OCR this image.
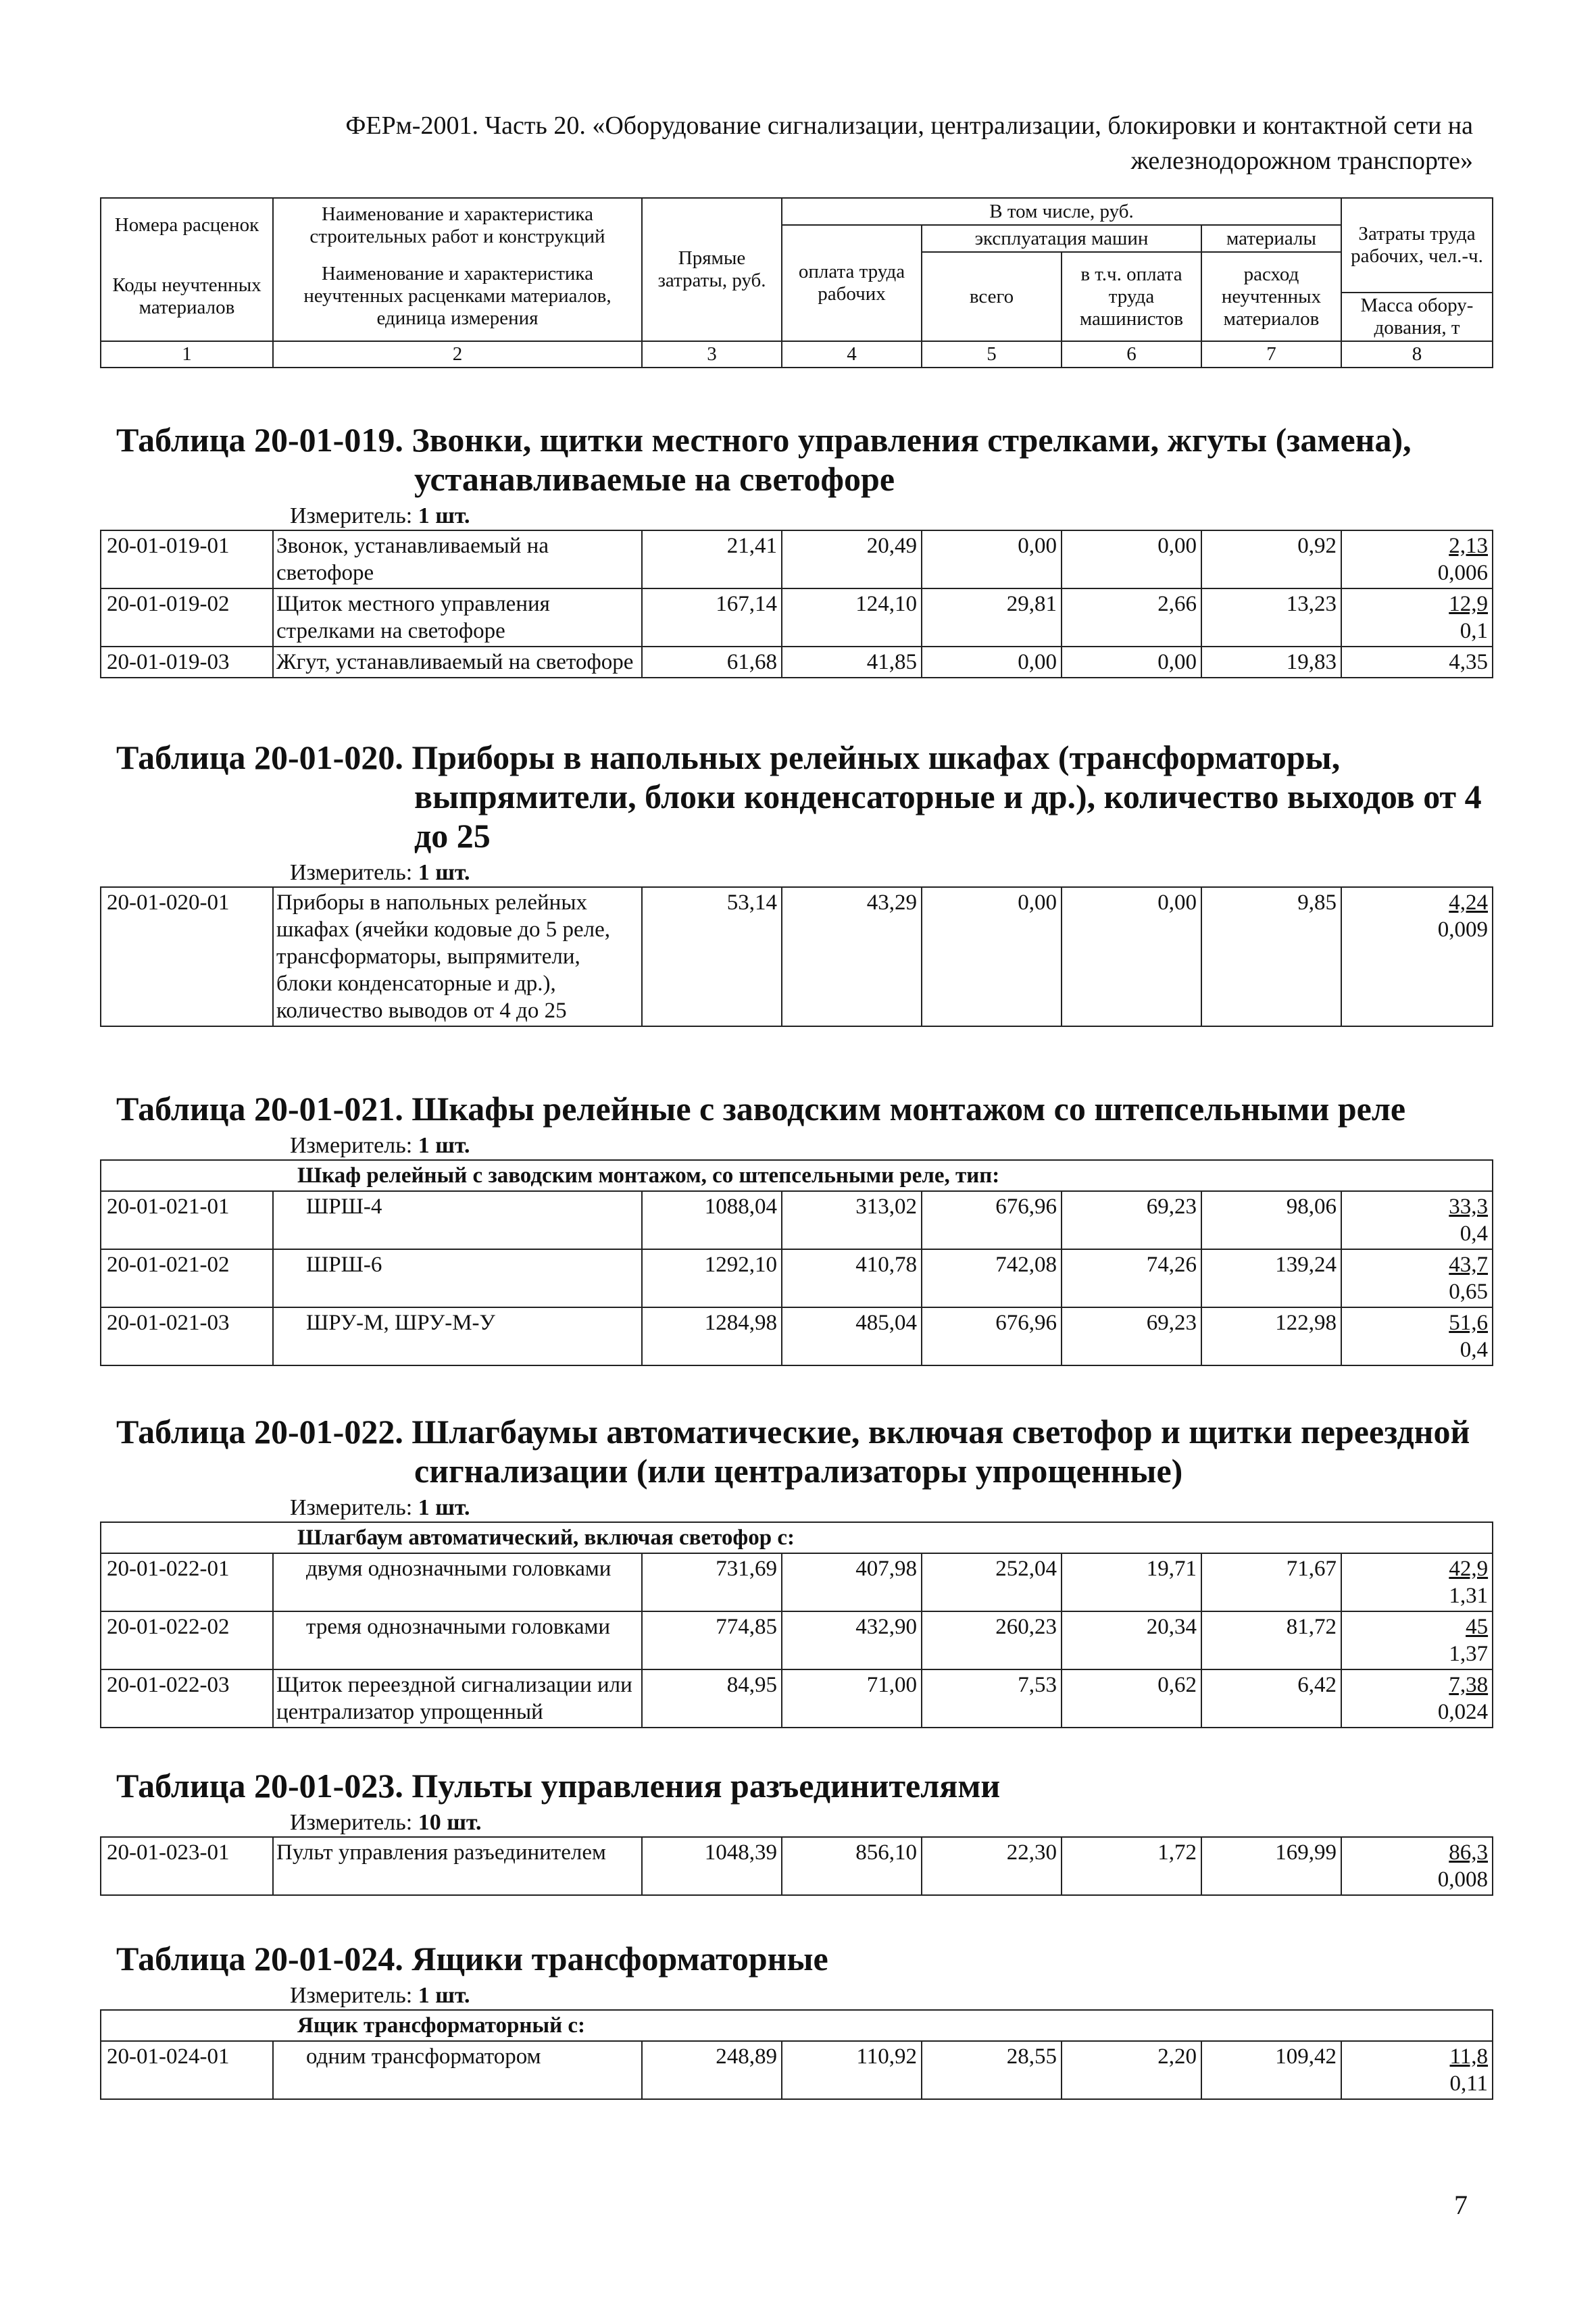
ФЕРм-2001. Часть 20. «Оборудование сигнализации, централизации, блокировки и контактной сети на
железнодорожном транспорте»
Номера расценок	Наименование и характеристика строительных работ и конструкций	Прямые затраты, руб.	В том числе, руб.				Затраты труда рабочих, чел.-ч.
			оплата труда рабочих	эксплуатация машин		материалы	
Коды неучтенных материалов	Наименование и характеристика неучтенных расценками материалов, единица измерения			всего	в т.ч. оплата труда машинистов	расход неучтенных материалов	
							Масса обору-дования, т
1	2	3	4	5	6	7	8
Таблица 20-01-019. Звонки, щитки местного управления стрелками, жгуты (замена),
устанавливаемые на светофоре
Измеритель: 1 шт.
20-01-019-01	Звонок, устанавливаемый на светофоре	21,41	20,49	0,00	0,00	0,92	2,13
0,006

20-01-019-02	Щиток местного управления стрелками на светофоре	167,14	124,10	29,81	2,66	13,23	12,9
0,1

20-01-019-03	Жгут, устанавливаемый на светофоре	61,68	41,85	0,00	0,00	19,83	4,35
Таблица 20-01-020. Приборы в напольных релейных шкафах (трансформаторы,
выпрямители, блоки конденсаторные и др.), количество выходов от 4
до 25
Измеритель: 1 шт.
20-01-020-01	Приборы в напольных релейных шкафах (ячейки кодовые до 5 реле, трансформаторы, выпрямители, блоки конденсаторные и др.), количество выводов от 4 до 25	53,14	43,29	0,00	0,00	9,85	4,24
0,009
Таблица 20-01-021. Шкафы релейные с заводским монтажом со штепсельными реле
Измеритель: 1 шт.
Шкаф релейный с заводским монтажом, со штепсельными реле, тип:							
20-01-021-01	ШРШ-4	1088,04	313,02	676,96	69,23	98,06	33,3
0,4

20-01-021-02	ШРШ-6	1292,10	410,78	742,08	74,26	139,24	43,7
0,65

20-01-021-03	ШРУ-М, ШРУ-М-У	1284,98	485,04	676,96	69,23	122,98	51,6
0,4
Таблица 20-01-022. Шлагбаумы автоматические, включая светофор и щитки переездной
сигнализации (или централизаторы упрощенные)
Измеритель: 1 шт.
Шлагбаум автоматический, включая светофор с:							
20-01-022-01	двумя однозначными головками	731,69	407,98	252,04	19,71	71,67	42,9
1,31

20-01-022-02	тремя однозначными головками	774,85	432,90	260,23	20,34	81,72	45
1,37

20-01-022-03	Щиток переездной сигнализации или централизатор упрощенный	84,95	71,00	7,53	0,62	6,42	7,38
0,024
Таблица 20-01-023. Пульты управления разъединителями
Измеритель: 10 шт.
20-01-023-01	Пульт управления разъединителем	1048,39	856,10	22,30	1,72	169,99	86,3
0,008
Таблица 20-01-024. Ящики трансформаторные
Измеритель: 1 шт.
Ящик трансформаторный с:
20-01-024-01	одним трансформатором	248,89	110,92	28,55	2,20	109,42	11,8
0,11
7
